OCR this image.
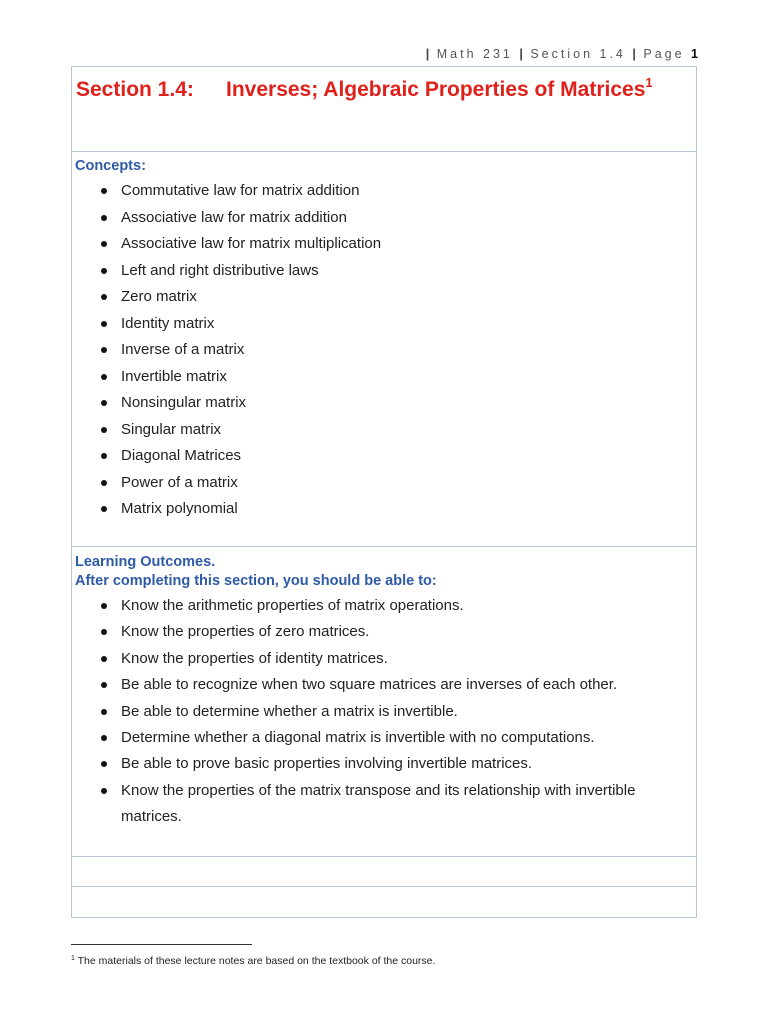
| Math 231 | Section 1.4 | Page 1
Section 1.4: Inverses; Algebraic Properties of Matrices$^1$
Concepts:
Commutative law for matrix addition
Associative law for matrix addition
Associative law for matrix multiplication
Left and right distributive laws
Zero matrix
Identity matrix
Inverse of a matrix
Invertible matrix
Nonsingular matrix
Singular matrix
Diagonal Matrices
Power of a matrix
Matrix polynomial
Learning Outcomes.
After completing this section, you should be able to:
Know the arithmetic properties of matrix operations.
Know the properties of zero matrices.
Know the properties of identity matrices.
Be able to recognize when two square matrices are inverses of each other.
Be able to determine whether a matrix is invertible.
Determine whether a diagonal matrix is invertible with no computations.
Be able to prove basic properties involving invertible matrices.
Know the properties of the matrix transpose and its relationship with invertible matrices.
$^1$ The materials of these lecture notes are based on the textbook of the course.
